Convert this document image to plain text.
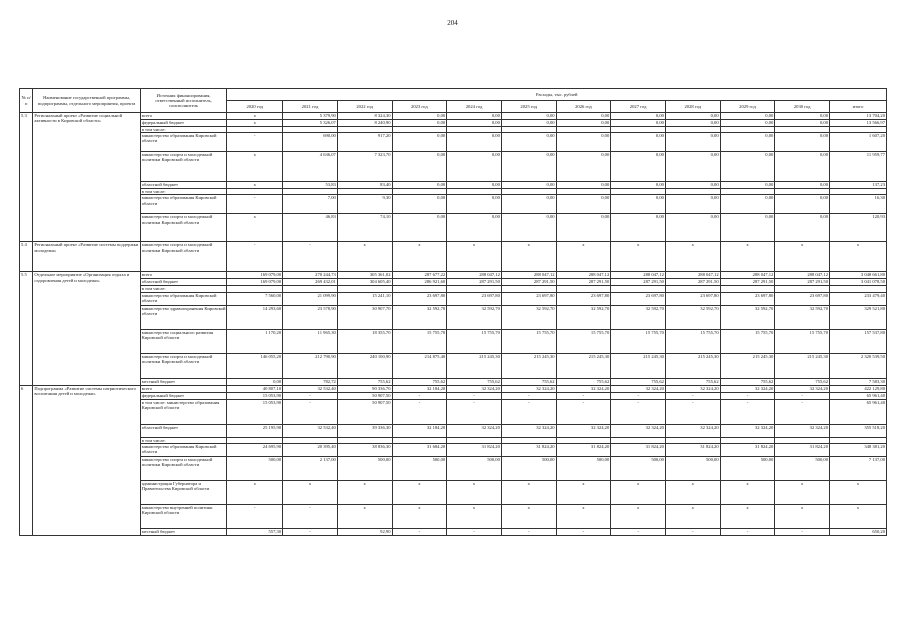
204
№ п/п	Наименование государственной программы, подпрограммы, отдельного мероприятия, проекта	Источник финансирования, ответственный исполнитель, соисполнитель	Расходы, тыс. рублей											
			2020 год	2021 год	2022 год	2023 год	2024 год	2025 год	2026 год	2027 год	2028 год	2029 год	2030 год	итого
5.3	Региональный проект «Развитие социальной активности в Кировской области»	всего	x	5 379,90	8 324,30	0,00	0,00	0,00	0,00	0,00	0,00	0,00	0,00	13 704,20
		федеральный бюджет	x	5 326,07	8 240,90	0,00	0,00	0,00	0,00	0,00	0,00	0,00	0,00	13 566,97
		в том числе:												
		министерство образования Кировской области	-	690,00	917,20	0,00	0,00	0,00	0,00	0,00	0,00	0,00	0,00	1 607,20
		министерство спорта и молодежной политики Кировской области	x	4 636,07	7 323,70	0,00	0,00	0,00	0,00	0,00	0,00	0,00	0,00	11 959,77
		областной бюджет	x	53,83	83,40	0,00	0,00	0,00	0,00	0,00	0,00	0,00	0,00	137,23
		в том числе:												
		министерство образования Кировской области	-	7,00	9,30	0,00	0,00	0,00	0,00	0,00	0,00	0,00	0,00	16,30
		министерство спорта и молодежной политики Кировской области	x	46,83	74,10	0,00	0,00	0,00	0,00	0,00	0,00	0,00	0,00	120,93
5.4	Региональный проект «Развитие системы поддержки молодежи»	министерство спорта и молодежной политики Кировской области	-	-	x	x	x	x	x	x	x	x	x	x
5.5	Отдельное мероприятие «Организация отдыха и оздоровления детей и молодежи»	всего	169 079,00	270 244,73	305 361,02	287 677,22	288 047,12	288 047,12	288 047,12	288 047,12	288 047,12	288 047,12	288 047,12	3 048 661,80
		областной бюджет	169 079,00	269 432,01	304 605,40	286 921,60	287 291,50	287 291,50	287 291,50	287 291,50	287 291,50	287 291,50	287 291,50	3 041 078,50
		в том числе:												
		министерство образования Кировской области	7 560,00	21 099,90	15 241,10	23 697,80	23 697,80	23 697,80	23 697,80	23 697,80	23 697,80	23 697,80	23 697,80	233 479,40
		министерство здравоохранения Кировской области	14 293,60	23 578,90	30 907,70	32 592,70	32 592,70	32 592,70	32 592,70	32 592,70	32 592,70	32 592,70	32 592,70	329 521,80
		министерство социального развития Кировской области	1 170,20	11 965,30	18 355,70	15 755,70	15 755,70	15 755,70	15 755,70	15 755,70	15 755,70	15 755,70	15 755,70	157 537,80
		министерство спорта и молодежной политики Кировской области	146 055,20	212 790,90	240 100,90	214 875,40	215 245,30	215 245,30	215 245,30	215 245,30	215 245,30	215 245,30	215 245,30	2 320 539,50
		местный бюджет	0,00	782,72	755,62	755,62	755,62	755,62	755,62	755,62	755,62	755,62	755,62	7 583,30
6	Подпрограмма «Развитие системы патриотического воспитания детей и молодежи»	всего	40 807,10	32 532,40	90 336,70	32 184,20	32 324,20	32 324,20	32 324,20	32 324,20	32 324,20	32 324,20	32 324,20	422 129,80
		федеральный бюджет	15 053,90	-	50 907,50	-	-	-	-	-	-	-	-	65 961,40
		в том числе: министерство образования Кировской области	15 053,90	-	50 907,50	-	-	-	-	-	-	-	-	65 961,40
		областной бюджет	25 195,90	32 532,40	39 336,30	32 184,20	32 324,20	32 324,20	32 324,20	32 324,20	32 324,20	32 324,20	32 324,20	355 518,20
		в том числе:												
		министерство образования Кировской области	24 695,90	20 395,40	38 836,30	31 684,20	31 824,20	31 824,20	31 824,20	31 824,20	31 824,20	31 824,20	31 824,20	348 381,20
		министерство спорта и молодежной политики Кировской области	500,00	2 137,00	500,00	500,00	500,00	500,00	500,00	500,00	500,00	500,00	500,00	7 137,00
		администрация Губернатора и Правительства Кировской области	x	x	x	x	x	x	x	x	x	x	x	x
		министерство внутренней политики Кировской области	-	-	x	x	x	x	x	x	x	x	x	x
		местный бюджет	557,30	-	92,90	-	-	-	-	-	-	-	-	650,20
